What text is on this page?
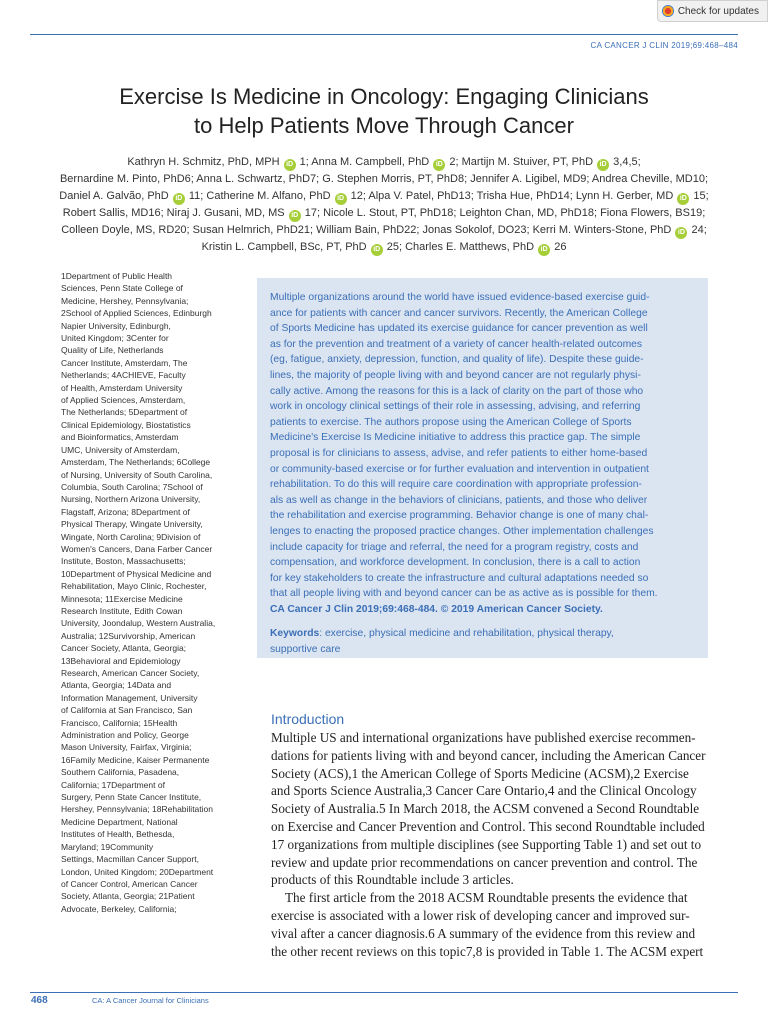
Check for updates
CA CANCER J CLIN 2019;69:468–484
Exercise Is Medicine in Oncology: Engaging Clinicians
to Help Patients Move Through Cancer
Kathryn H. Schmitz, PhD, MPH iD 1; Anna M. Campbell, PhD iD 2; Martijn M. Stuiver, PT, PhD iD 3,4,5;
Bernardine M. Pinto, PhD6; Anna L. Schwartz, PhD7; G. Stephen Morris, PT, PhD8; Jennifer A. Ligibel, MD9; Andrea Cheville, MD10;
Daniel A. Galvão, PhD iD 11; Catherine M. Alfano, PhD iD 12; Alpa V. Patel, PhD13; Trisha Hue, PhD14; Lynn H. Gerber, MD iD 15;
Robert Sallis, MD16; Niraj J. Gusani, MD, MS iD 17; Nicole L. Stout, PT, PhD18; Leighton Chan, MD, PhD18; Fiona Flowers, BS19;
Colleen Doyle, MS, RD20; Susan Helmrich, PhD21; William Bain, PhD22; Jonas Sokolof, DO23; Kerri M. Winters-Stone, PhD iD 24;
Kristin L. Campbell, BSc, PT, PhD iD 25; Charles E. Matthews, PhD iD 26
1Department of Public Health
Sciences, Penn State College of
Medicine, Hershey, Pennsylvania;
2School of Applied Sciences, Edinburgh
Napier University, Edinburgh,
United Kingdom; 3Center for
Quality of Life, Netherlands
Cancer Institute, Amsterdam, The
Netherlands; 4ACHIEVE, Faculty
of Health, Amsterdam University
of Applied Sciences, Amsterdam,
The Netherlands; 5Department of
Clinical Epidemiology, Biostatistics
and Bioinformatics, Amsterdam
UMC, University of Amsterdam,
Amsterdam, The Netherlands; 6College
of Nursing, University of South Carolina,
Columbia, South Carolina; 7School of
Nursing, Northern Arizona University,
Flagstaff, Arizona; 8Department of
Physical Therapy, Wingate University,
Wingate, North Carolina; 9Division of
Women's Cancers, Dana Farber Cancer
Institute, Boston, Massachusetts;
10Department of Physical Medicine and
Rehabilitation, Mayo Clinic, Rochester,
Minnesota; 11Exercise Medicine
Research Institute, Edith Cowan
University, Joondalup, Western Australia,
Australia; 12Survivorship, American
Cancer Society, Atlanta, Georgia;
13Behavioral and Epidemiology
Research, American Cancer Society,
Atlanta, Georgia; 14Data and
Information Management, University
of California at San Francisco, San
Francisco, California; 15Health
Administration and Policy, George
Mason University, Fairfax, Virginia;
16Family Medicine, Kaiser Permanente
Southern California, Pasadena,
California; 17Department of
Surgery, Penn State Cancer Institute,
Hershey, Pennsylvania; 18Rehabilitation
Medicine Department, National
Institutes of Health, Bethesda,
Maryland; 19Community
Settings, Macmillan Cancer Support,
London, United Kingdom; 20Department
of Cancer Control, American Cancer
Society, Atlanta, Georgia; 21Patient
Advocate, Berkeley, California;
Multiple organizations around the world have issued evidence-based exercise guid-
ance for patients with cancer and cancer survivors. Recently, the American College
of Sports Medicine has updated its exercise guidance for cancer prevention as well
as for the prevention and treatment of a variety of cancer health-related outcomes
(eg, fatigue, anxiety, depression, function, and quality of life). Despite these guide-
lines, the majority of people living with and beyond cancer are not regularly physi-
cally active. Among the reasons for this is a lack of clarity on the part of those who
work in oncology clinical settings of their role in assessing, advising, and referring
patients to exercise. The authors propose using the American College of Sports
Medicine's Exercise Is Medicine initiative to address this practice gap. The simple
proposal is for clinicians to assess, advise, and refer patients to either home-based
or community-based exercise or for further evaluation and intervention in outpatient
rehabilitation. To do this will require care coordination with appropriate profession-
als as well as change in the behaviors of clinicians, patients, and those who deliver
the rehabilitation and exercise programming. Behavior change is one of many chal-
lenges to enacting the proposed practice changes. Other implementation challenges
include capacity for triage and referral, the need for a program registry, costs and
compensation, and workforce development. In conclusion, there is a call to action
for key stakeholders to create the infrastructure and cultural adaptations needed so
that all people living with and beyond cancer can be as active as is possible for them.
CA Cancer J Clin 2019;69:468-484. © 2019 American Cancer Society.
Keywords: exercise, physical medicine and rehabilitation, physical therapy,
supportive care
Introduction
Multiple US and international organizations have published exercise recommen-
dations for patients living with and beyond cancer, including the American Cancer
Society (ACS),1 the American College of Sports Medicine (ACSM),2 Exercise
and Sports Science Australia,3 Cancer Care Ontario,4 and the Clinical Oncology
Society of Australia.5 In March 2018, the ACSM convened a Second Roundtable
on Exercise and Cancer Prevention and Control. This second Roundtable included
17 organizations from multiple disciplines (see Supporting Table 1) and set out to
review and update prior recommendations on cancer prevention and control. The
products of this Roundtable include 3 articles.
The first article from the 2018 ACSM Roundtable presents the evidence that
exercise is associated with a lower risk of developing cancer and improved sur-
vival after a cancer diagnosis.6 A summary of the evidence from this review and
the other recent reviews on this topic7,8 is provided in Table 1. The ACSM expert
468	CA: A Cancer Journal for Clinicians
